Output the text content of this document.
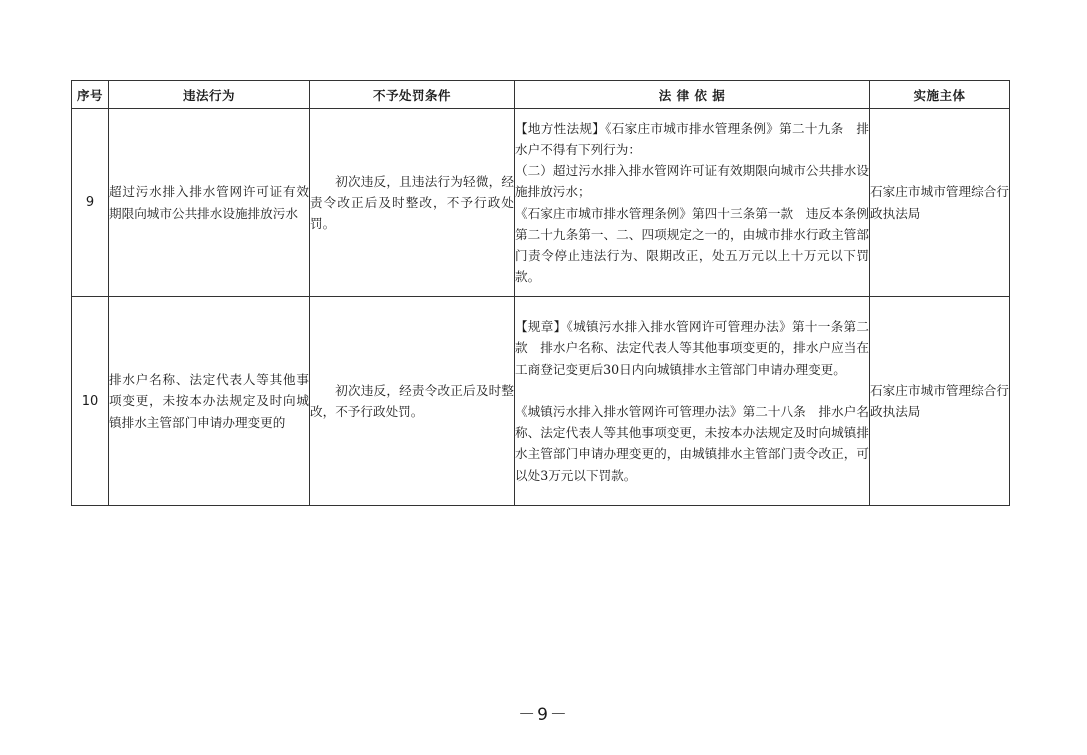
序号	违法行为	不予处罚条件	法 律 依 据	实施主体
9	超过污水排入排水管网许可证有效期限向城市公共排水设施排放污水	初次违反，且违法行为轻微，经责令改正后及时整改，不予行政处罚。	【地方性法规】《石家庄市城市排水管理条例》第二十九条　排水户不得有下列行为：

（二）超过污水排入排水管网许可证有效期限向城市公共排水设施排放污水；

《石家庄市城市排水管理条例》第四十三条第一款　违反本条例第二十九条第一、二、四项规定之一的，由城市排水行政主管部门责令停止违法行为、限期改正，处五万元以上十万元以下罚款。	石家庄市城市管理综合行政执法局
10	排水户名称、法定代表人等其他事项变更，未按本办法规定及时向城镇排水主管部门申请办理变更的	初次违反，经责令改正后及时整改，不予行政处罚。	【规章】《城镇污水排入排水管网许可管理办法》第十一条第二款　排水户名称、法定代表人等其他事项变更的，排水户应当在工商登记变更后30日内向城镇排水主管部门申请办理变更。

《城镇污水排入排水管网许可管理办法》第二十八条　排水户名称、法定代表人等其他事项变更，未按本办法规定及时向城镇排水主管部门申请办理变更的，由城镇排水主管部门责令改正，可以处3万元以下罚款。	石家庄市城市管理综合行政执法局
－9－
